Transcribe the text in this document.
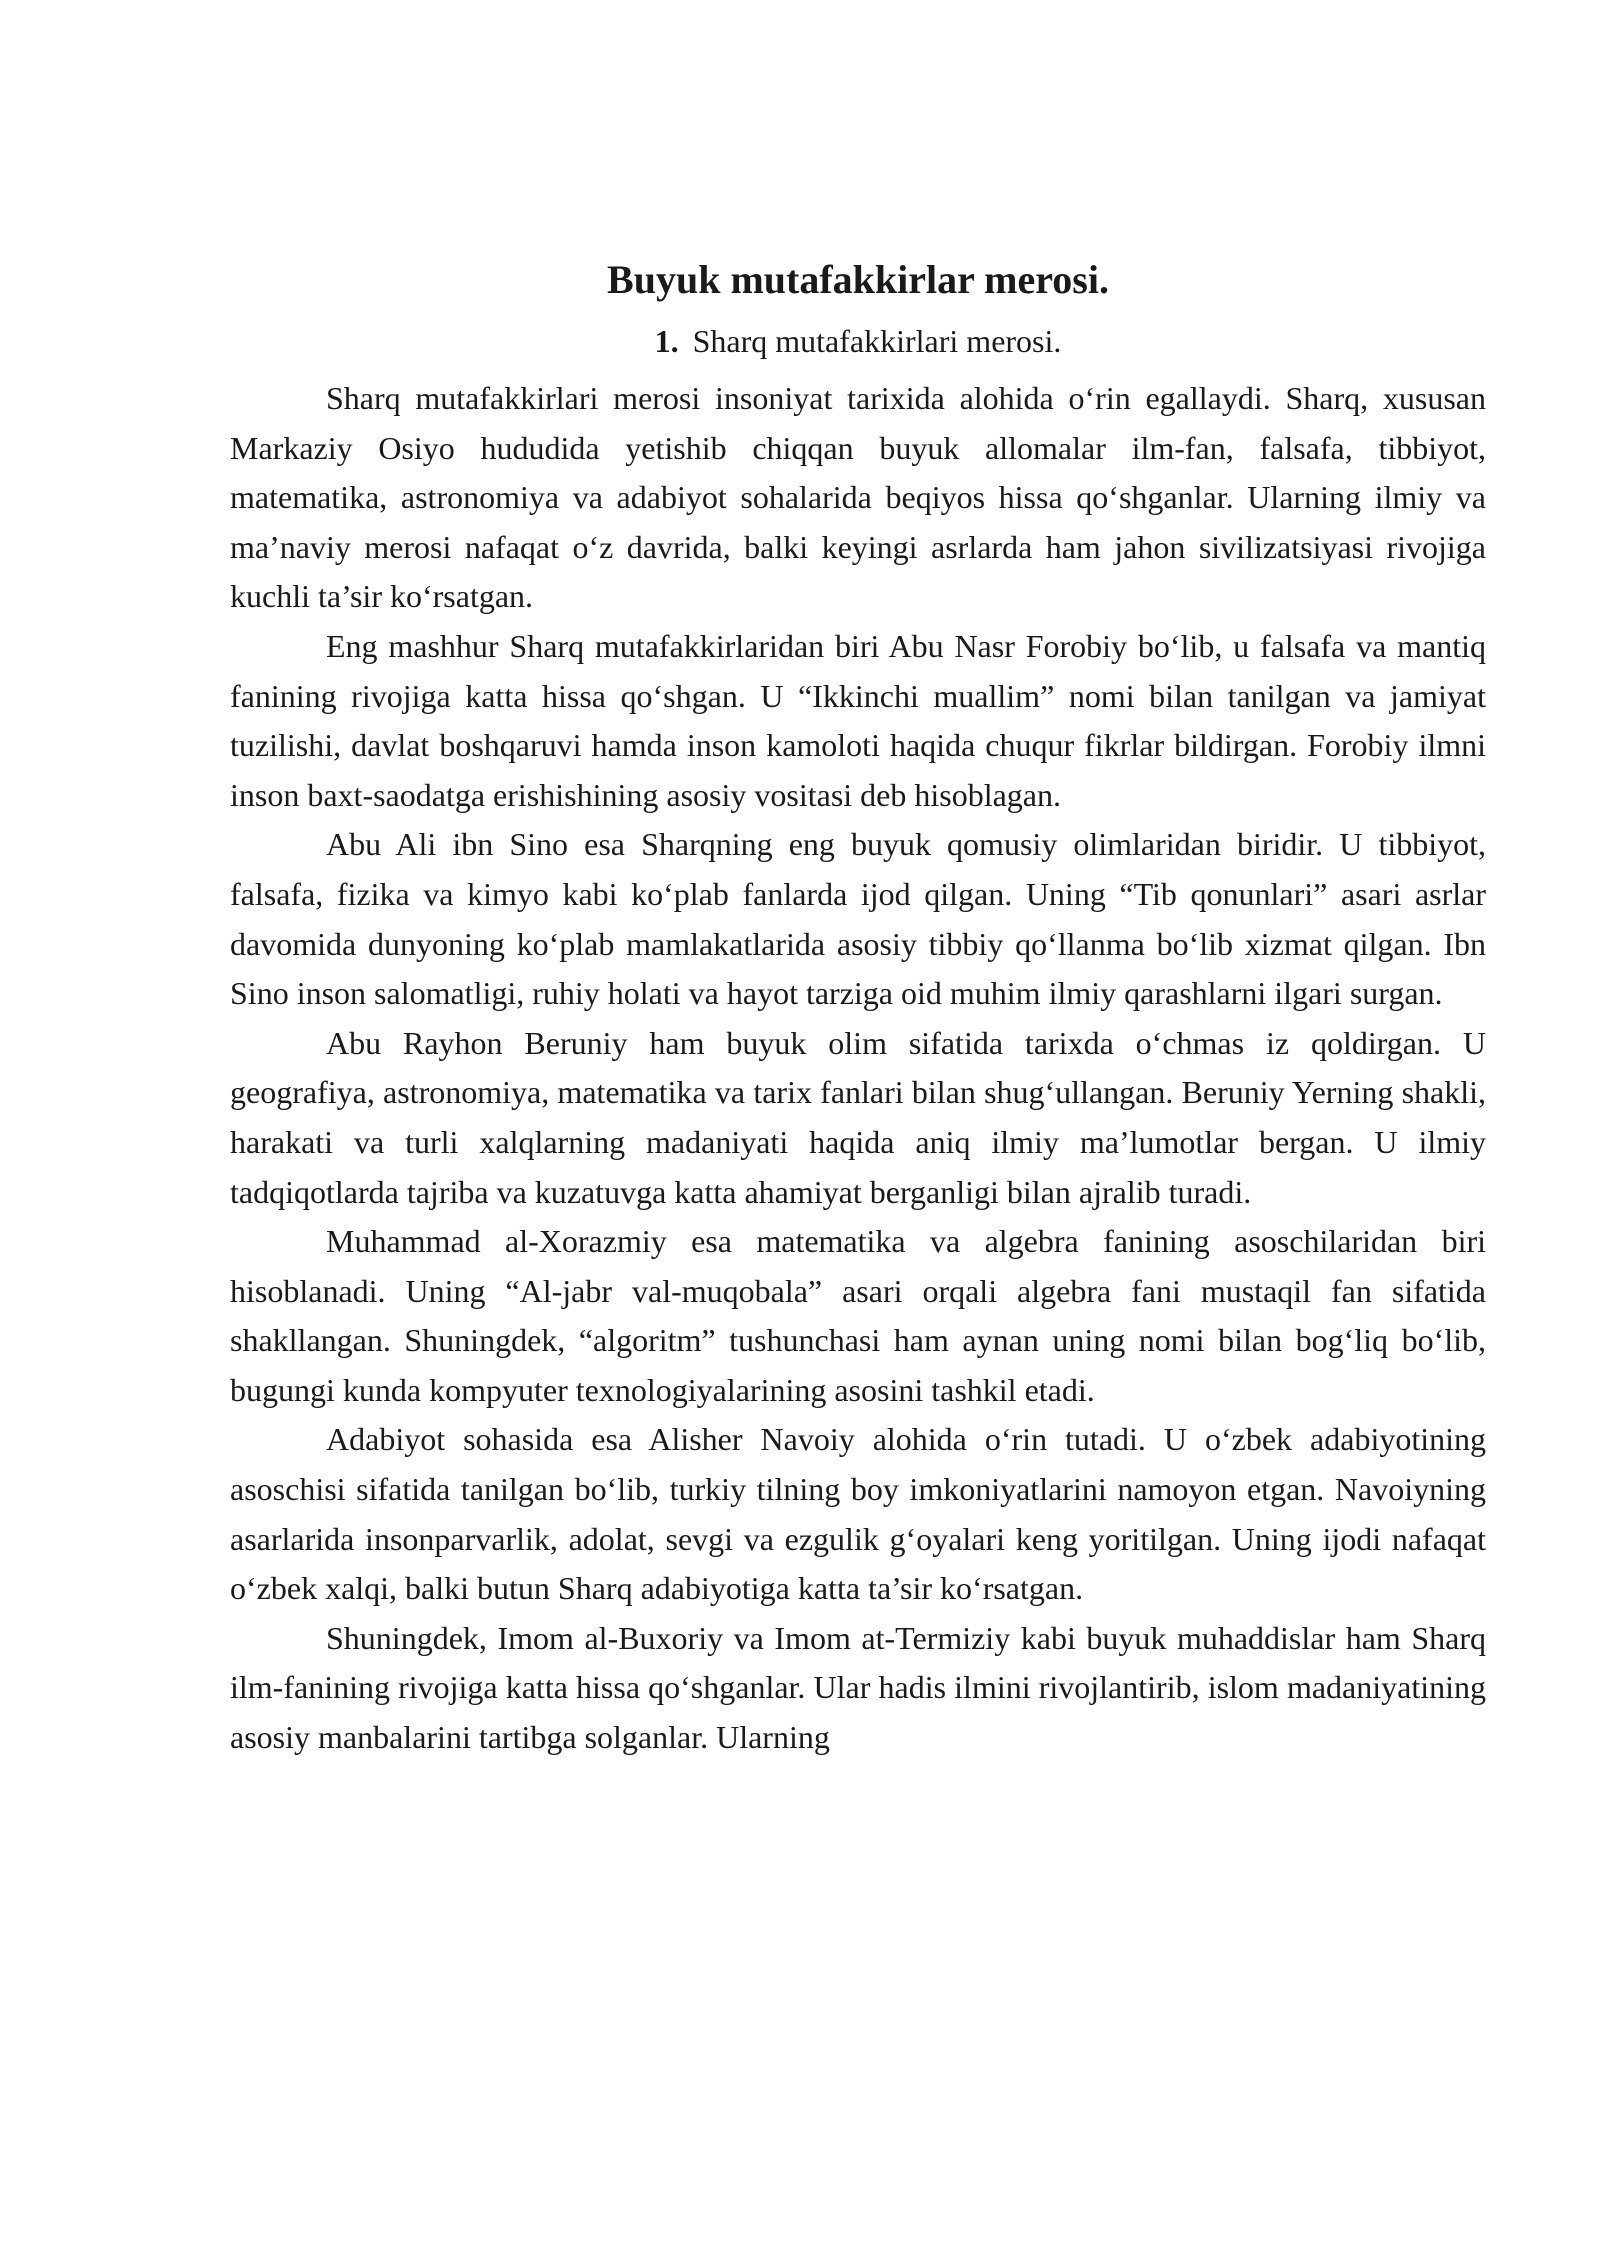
Buyuk mutafakkirlar merosi.
1. Sharq mutafakkirlari merosi.

Sharq mutafakkirlari merosi insoniyat tarixida alohida o‘rin egallaydi. Sharq, xususan Markaziy Osiyo hududida yetishib chiqqan buyuk allomalar ilm-fan, falsafa, tibbiyot, matematika, astronomiya va adabiyot sohalarida beqiyos hissa qo‘shganlar. Ularning ilmiy va ma’naviy merosi nafaqat o‘z davrida, balki keyingi asrlarda ham jahon sivilizatsiyasi rivojiga kuchli ta’sir ko‘rsatgan.

Eng mashhur Sharq mutafakkirlaridan biri Abu Nasr Forobiy bo‘lib, u falsafa va mantiq fanining rivojiga katta hissa qo‘shgan. U “Ikkinchi muallim” nomi bilan tanilgan va jamiyat tuzilishi, davlat boshqaruvi hamda inson kamoloti haqida chuqur fikrlar bildirgan. Forobiy ilmni inson baxt-saodatga erishishining asosiy vositasi deb hisoblagan.

Abu Ali ibn Sino esa Sharqning eng buyuk qomusiy olimlaridan biridir. U tibbiyot, falsafa, fizika va kimyo kabi ko‘plab fanlarda ijod qilgan. Uning “Tib qonunlari” asari asrlar davomida dunyoning ko‘plab mamlakatlarida asosiy tibbiy qo‘llanma bo‘lib xizmat qilgan. Ibn Sino inson salomatligi, ruhiy holati va hayot tarziga oid muhim ilmiy qarashlarni ilgari surgan.

Abu Rayhon Beruniy ham buyuk olim sifatida tarixda o‘chmas iz qoldirgan. U geografiya, astronomiya, matematika va tarix fanlari bilan shug‘ullangan. Beruniy Yerning shakli, harakati va turli xalqlarning madaniyati haqida aniq ilmiy ma’lumotlar bergan. U ilmiy tadqiqotlarda tajriba va kuzatuvga katta ahamiyat berganligi bilan ajralib turadi.

Muhammad al-Xorazmiy esa matematika va algebra fanining asoschilaridan biri hisoblanadi. Uning “Al-jabr val-muqobala” asari orqali algebra fani mustaqil fan sifatida shakllangan. Shuningdek, “algoritm” tushunchasi ham aynan uning nomi bilan bog‘liq bo‘lib, bugungi kunda kompyuter texnologiyalarining asosini tashkil etadi.

Adabiyot sohasida esa Alisher Navoiy alohida o‘rin tutadi. U o‘zbek adabiyotining asoschisi sifatida tanilgan bo‘lib, turkiy tilning boy imkoniyatlarini namoyon etgan. Navoiyning asarlarida insonparvarlik, adolat, sevgi va ezgulik g‘oyalari keng yoritilgan. Uning ijodi nafaqat o‘zbek xalqi, balki butun Sharq adabiyotiga katta ta’sir ko‘rsatgan.

Shuningdek, Imom al-Buxoriy va Imom at-Termiziy kabi buyuk muhaddislar ham Sharq ilm-fanining rivojiga katta hissa qo‘shganlar. Ular hadis ilmini rivojlantirib, islom madaniyatining asosiy manbalarini tartibga solganlar. Ularning
